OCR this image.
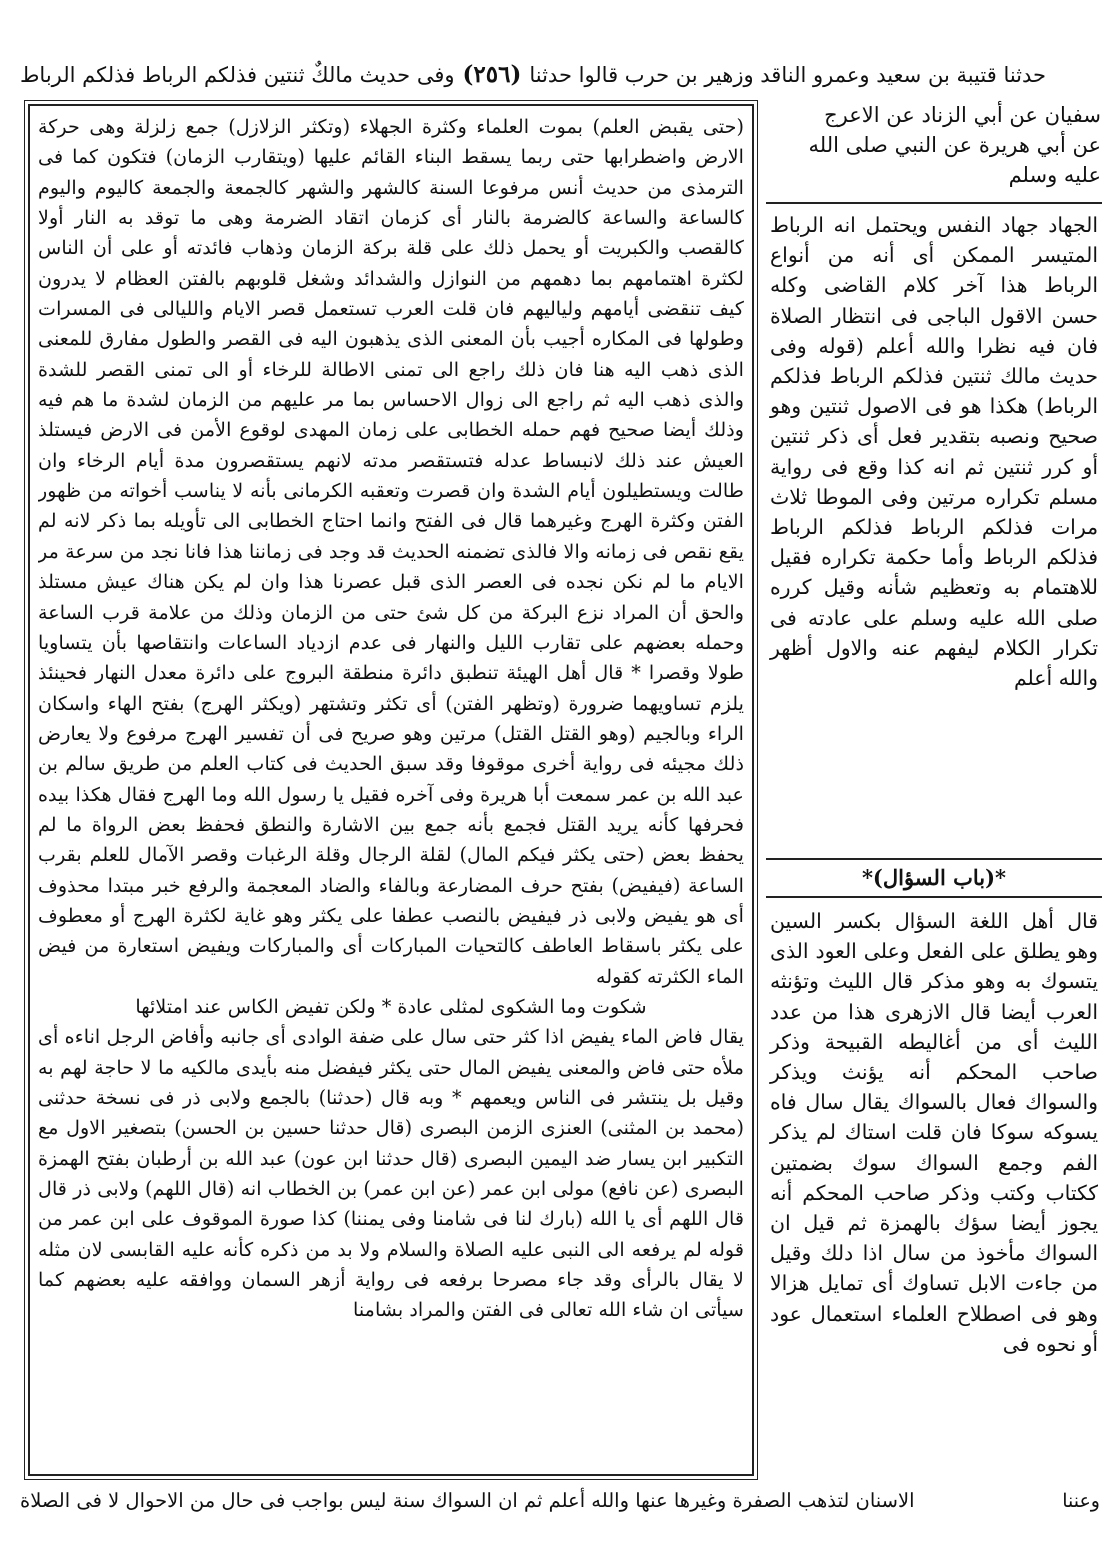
وفى حديث مالكٌ ثنتين فذلكم الرباط فذلكم الرباط (٢٥٦) حدثنا قتيبة بن سعيد وعمرو الناقد وزهير بن حرب قالوا حدثنا
سفيان عن أبي الزناد عن الاعرج
عن أبي هريرة عن النبي صلى الله
عليه وسلم

(حتى يقبض العلم) بموت العلماء وكثرة الجهلاء (وتكثر الزلازل) جمع زلزلة وهى حركة الارض واضطرابها حتى ربما يسقط البناء القائم عليها (ويتقارب الزمان) فتكون كما فى الترمذى من حديث أنس مرفوعا السنة كالشهر والشهر كالجمعة والجمعة كاليوم واليوم كالساعة والساعة كالضرمة بالنار أى كزمان اتقاد الضرمة وهى ما توقد به النار أولا كالقصب والكبريت أو يحمل ذلك على قلة بركة الزمان وذهاب فائدته أو على أن الناس لكثرة اهتمامهم بما دهمهم من النوازل والشدائد وشغل قلوبهم بالفتن العظام لا يدرون كيف تنقضى أيامهم ولياليهم فان قلت العرب تستعمل قصر الايام والليالى فى المسرات وطولها فى المكاره أجيب بأن المعنى الذى يذهبون اليه فى القصر والطول مفارق للمعنى الذى ذهب اليه هنا فان ذلك راجع الى تمنى الاطالة للرخاء أو الى تمنى القصر للشدة والذى ذهب اليه ثم راجع الى زوال الاحساس بما مر عليهم من الزمان لشدة ما هم فيه وذلك أيضا صحيح فهم حمله الخطابى على زمان المهدى لوقوع الأمن فى الارض فيستلذ العيش عند ذلك لانبساط عدله فتستقصر مدته لانهم يستقصرون مدة أيام الرخاء وان طالت ويستطيلون أيام الشدة وان قصرت وتعقبه الكرمانى بأنه لا يناسب أخواته من ظهور الفتن وكثرة الهرج وغيرهما قال فى الفتح وانما احتاج الخطابى الى تأويله بما ذكر لانه لم يقع نقص فى زمانه والا فالذى تضمنه الحديث قد وجد فى زماننا هذا فانا نجد من سرعة مر الايام ما لم نكن نجده فى العصر الذى قبل عصرنا هذا وان لم يكن هناك عيش مستلذ والحق أن المراد نزع البركة من كل شئ حتى من الزمان وذلك من علامة قرب الساعة وحمله بعضهم على تقارب الليل والنهار فى عدم ازدياد الساعات وانتقاصها بأن يتساويا طولا وقصرا * قال أهل الهيئة تنطبق دائرة منطقة البروج على دائرة معدل النهار فحينئذ يلزم تساويهما ضرورة (وتظهر الفتن) أى تكثر وتشتهر (ويكثر الهرج) بفتح الهاء واسكان الراء وبالجيم (وهو القتل القتل) مرتين وهو صريح فى أن تفسير الهرج مرفوع ولا يعارض ذلك مجيئه فى رواية أخرى موقوفا وقد سبق الحديث فى كتاب العلم من طريق سالم بن عبد الله بن عمر سمعت أبا هريرة وفى آخره فقيل يا رسول الله وما الهرج فقال هكذا بيده فحرفها كأنه يريد القتل فجمع بأنه جمع بين الاشارة والنطق فحفظ بعض الرواة ما لم يحفظ بعض (حتى يكثر فيكم المال) لقلة الرجال وقلة الرغبات وقصر الآمال للعلم بقرب الساعة (فيفيض) بفتح حرف المضارعة وبالفاء والضاد المعجمة والرفع خبر مبتدا محذوف أى هو يفيض ولابى ذر فيفيض بالنصب عطفا على يكثر وهو غاية لكثرة الهرج أو معطوف على يكثر باسقاط العاطف كالتحيات المباركات أى والمباركات ويفيض استعارة من فيض الماء الكثرته كقوله

شكوت وما الشكوى لمثلى عادة * ولكن تفيض الكاس عند امتلائها

يقال فاض الماء يفيض اذا كثر حتى سال على ضفة الوادى أى جانبه وأفاض الرجل اناءه أى ملأه حتى فاض والمعنى يفيض المال حتى يكثر فيفضل منه بأيدى مالكيه ما لا حاجة لهم به وقيل بل ينتشر فى الناس ويعمهم * وبه قال (حدثنا) بالجمع ولابى ذر فى نسخة حدثنى (محمد بن المثنى) العنزى الزمن البصرى (قال حدثنا حسين بن الحسن) بتصغير الاول مع التكبير ابن يسار ضد اليمين البصرى (قال حدثنا ابن عون) عبد الله بن أرطبان بفتح الهمزة البصرى (عن نافع) مولى ابن عمر (عن ابن عمر) بن الخطاب انه (قال اللهم) ولابى ذر قال قال اللهم أى يا الله (بارك لنا فى شامنا وفى يمننا) كذا صورة الموقوف على ابن عمر من قوله لم يرفعه الى النبى عليه الصلاة والسلام ولا بد من ذكره كأنه عليه القابسى لان مثله لا يقال بالرأى وقد جاء مصرحا برفعه فى رواية أزهر السمان ووافقه عليه بعضهم كما سيأتى ان شاء الله تعالى فى الفتن والمراد بشامنا

الجهاد جهاد النفس ويحتمل انه الرباط المتيسر الممكن أى أنه من أنواع الرباط هذا آخر كلام القاضى وكله حسن الاقول الباجى فى انتظار الصلاة فان فيه نظرا والله أعلم (قوله وفى حديث مالك ثنتين فذلكم الرباط فذلكم الرباط) هكذا هو فى الاصول ثنتين وهو صحيح ونصبه بتقدير فعل أى ذكر ثنتين أو كرر ثنتين ثم انه كذا وقع فى رواية مسلم تكراره مرتين وفى الموطا ثلاث مرات فذلكم الرباط فذلكم الرباط فذلكم الرباط وأما حكمة تكراره فقيل للاهتمام به وتعظيم شأنه وقيل كرره صلى الله عليه وسلم على عادته فى تكرار الكلام ليفهم عنه والاول أظهر والله أعلم
*(باب السؤال)*
قال أهل اللغة السؤال بكسر السين وهو يطلق على الفعل وعلى العود الذى يتسوك به وهو مذكر قال الليث وتؤنثه العرب أيضا قال الازهرى هذا من عدد الليث أى من أغاليطه القبيحة وذكر صاحب المحكم أنه يؤنث ويذكر والسواك فعال بالسواك يقال سال فاه يسوكه سوكا فان قلت استاك لم يذكر الفم وجمع السواك سوك بضمتين ككتاب وكتب وذكر صاحب المحكم أنه يجوز أيضا سؤك بالهمزة ثم قيل ان السواك مأخوذ من سال اذا دلك وقيل من جاءت الابل تساوك أى تمايل هزالا وهو فى اصطلاح العلماء استعمال عود أو نحوه فى
الاسنان لتذهب الصفرة وغيرها عنها والله أعلم ثم ان السواك سنة ليس بواجب فى حال من الاحوال لا فى الصلاة	وعننا
